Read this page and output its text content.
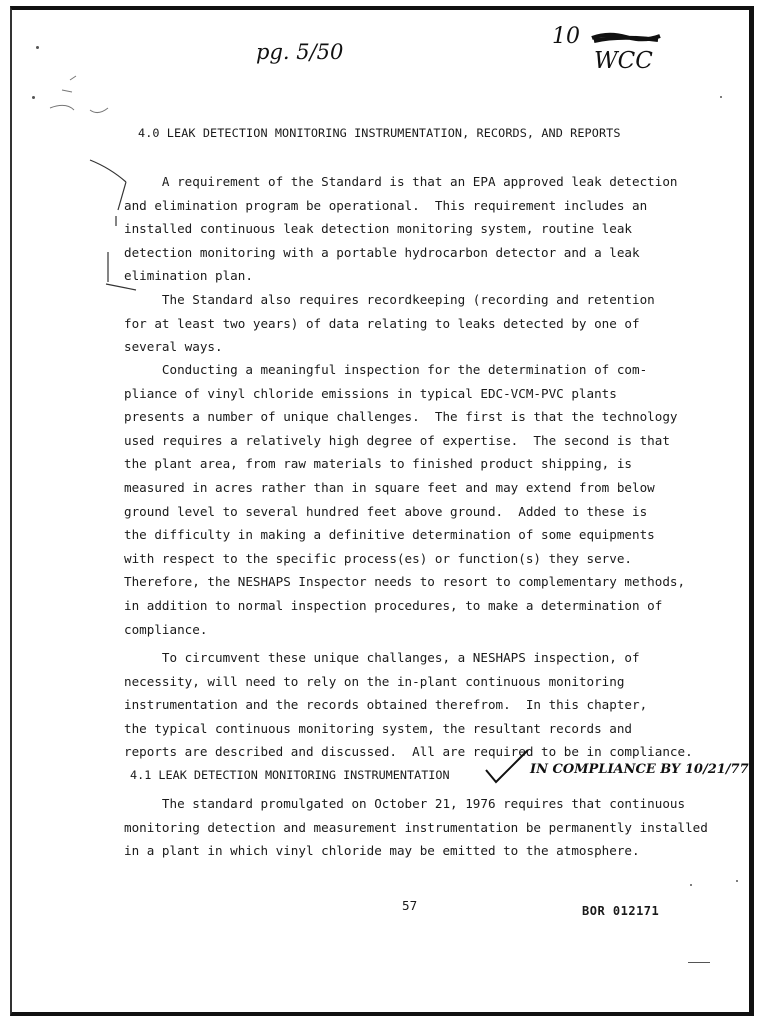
pg. 5/50
10
WCC
4.0 LEAK DETECTION MONITORING INSTRUMENTATION, RECORDS, AND REPORTS
A requirement of the Standard is that an EPA approved leak detection
and elimination program be operational.  This requirement includes an
installed continuous leak detection monitoring system, routine leak
detection monitoring with a portable hydrocarbon detector and a leak
elimination plan.
The Standard also requires recordkeeping (recording and retention
for at least two years) of data relating to leaks detected by one of
several ways.
Conducting a meaningful inspection for the determination of com-
pliance of vinyl chloride emissions in typical EDC-VCM-PVC plants
presents a number of unique challenges.  The first is that the technology
used requires a relatively high degree of expertise.  The second is that
the plant area, from raw materials to finished product shipping, is
measured in acres rather than in square feet and may extend from below
ground level to several hundred feet above ground.  Added to these is
the difficulty in making a definitive determination of some equipments
with respect to the specific process(es) or function(s) they serve.
Therefore, the NESHAPS Inspector needs to resort to complementary methods,
in addition to normal inspection procedures, to make a determination of
compliance.
To circumvent these unique challanges, a NESHAPS inspection, of
necessity, will need to rely on the in-plant continuous monitoring
instrumentation and the records obtained therefrom.  In this chapter,
the typical continuous monitoring system, the resultant records and
reports are described and discussed.  All are required to be in compliance.
4.1 LEAK DETECTION MONITORING INSTRUMENTATION	IN COMPLIANCE BY 10/21/77
The standard promulgated on October 21, 1976 requires that continuous
monitoring detection and measurement instrumentation be permanently installed
in a plant in which vinyl chloride may be emitted to the atmosphere.
57	BOR 012171
